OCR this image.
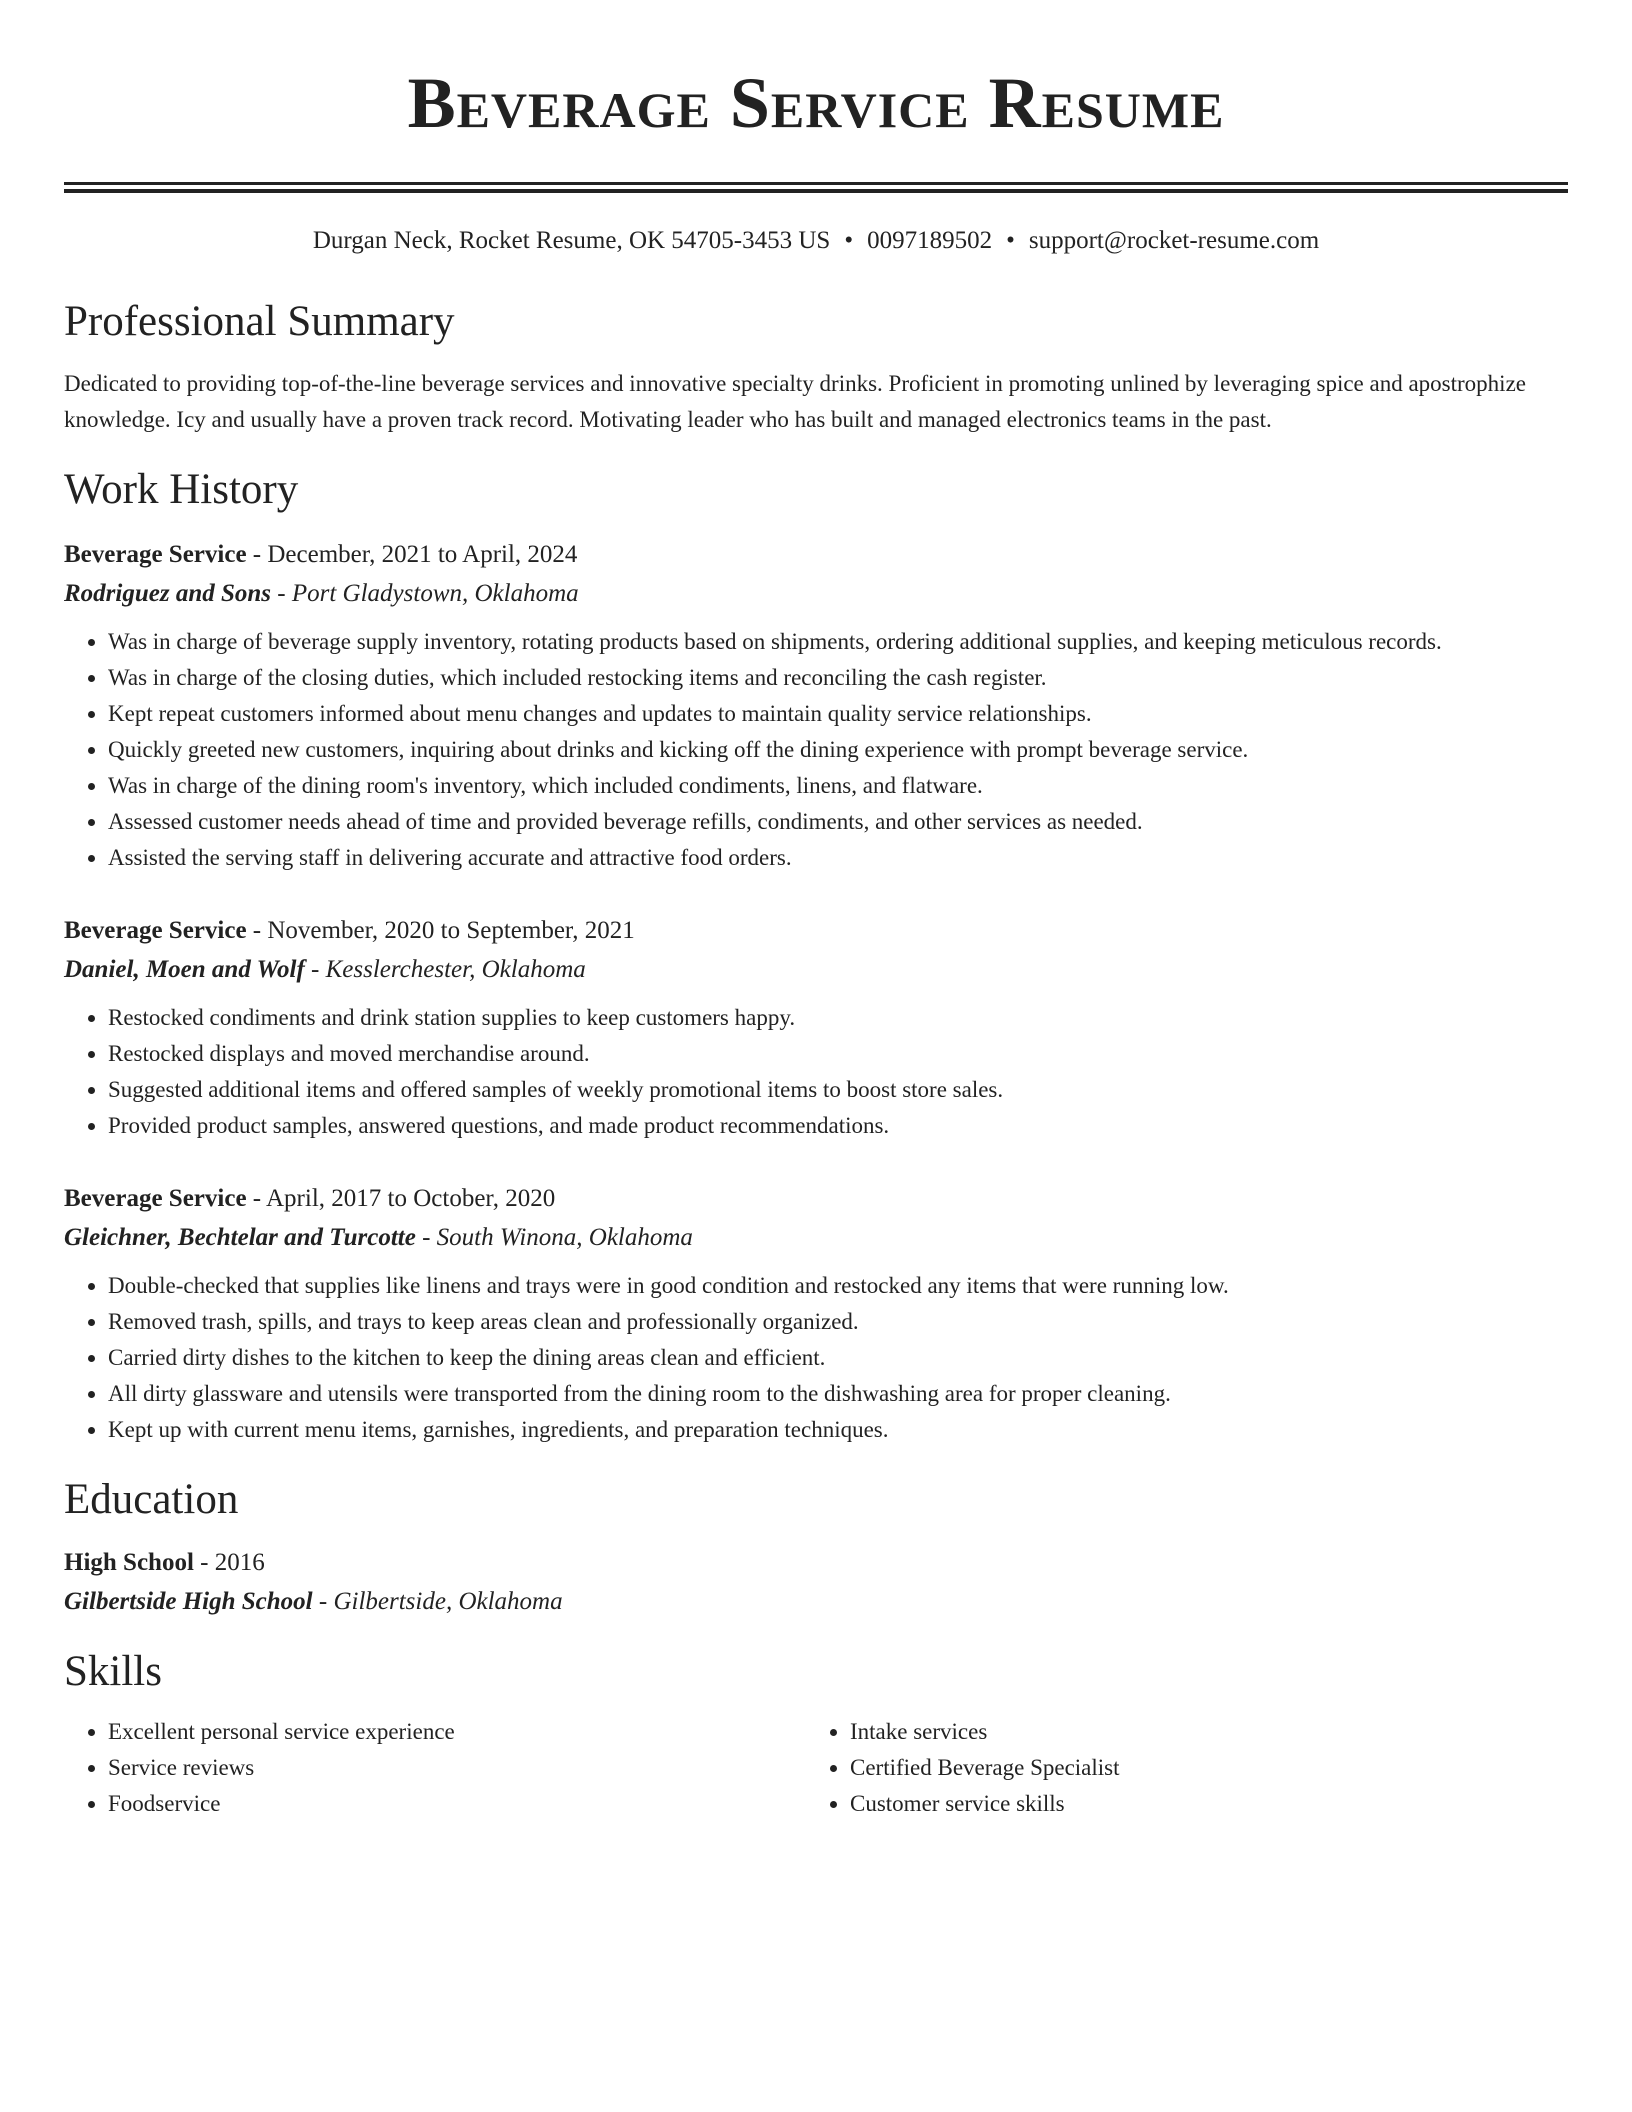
Beverage Service Resume
Durgan Neck, Rocket Resume, OK 54705-3453 US • 0097189502 • support@rocket-resume.com
Professional Summary
Dedicated to providing top-of-the-line beverage services and innovative specialty drinks. Proficient in promoting unlined by leveraging spice and apostrophize knowledge. Icy and usually have a proven track record. Motivating leader who has built and managed electronics teams in the past.
Work History
Beverage Service - December, 2021 to April, 2024
Rodriguez and Sons - Port Gladystown, Oklahoma
• Was in charge of beverage supply inventory, rotating products based on shipments, ordering additional supplies, and keeping meticulous records.
• Was in charge of the closing duties, which included restocking items and reconciling the cash register.
• Kept repeat customers informed about menu changes and updates to maintain quality service relationships.
• Quickly greeted new customers, inquiring about drinks and kicking off the dining experience with prompt beverage service.
• Was in charge of the dining room's inventory, which included condiments, linens, and flatware.
• Assessed customer needs ahead of time and provided beverage refills, condiments, and other services as needed.
• Assisted the serving staff in delivering accurate and attractive food orders.
Beverage Service - November, 2020 to September, 2021
Daniel, Moen and Wolf - Kesslerchester, Oklahoma
• Restocked condiments and drink station supplies to keep customers happy.
• Restocked displays and moved merchandise around.
• Suggested additional items and offered samples of weekly promotional items to boost store sales.
• Provided product samples, answered questions, and made product recommendations.
Beverage Service - April, 2017 to October, 2020
Gleichner, Bechtelar and Turcotte - South Winona, Oklahoma
• Double-checked that supplies like linens and trays were in good condition and restocked any items that were running low.
• Removed trash, spills, and trays to keep areas clean and professionally organized.
• Carried dirty dishes to the kitchen to keep the dining areas clean and efficient.
• All dirty glassware and utensils were transported from the dining room to the dishwashing area for proper cleaning.
• Kept up with current menu items, garnishes, ingredients, and preparation techniques.
Education
High School - 2016
Gilbertside High School - Gilbertside, Oklahoma
Skills
• Excellent personal service experience
• Service reviews
• Foodservice
• Intake services
• Certified Beverage Specialist
• Customer service skills
